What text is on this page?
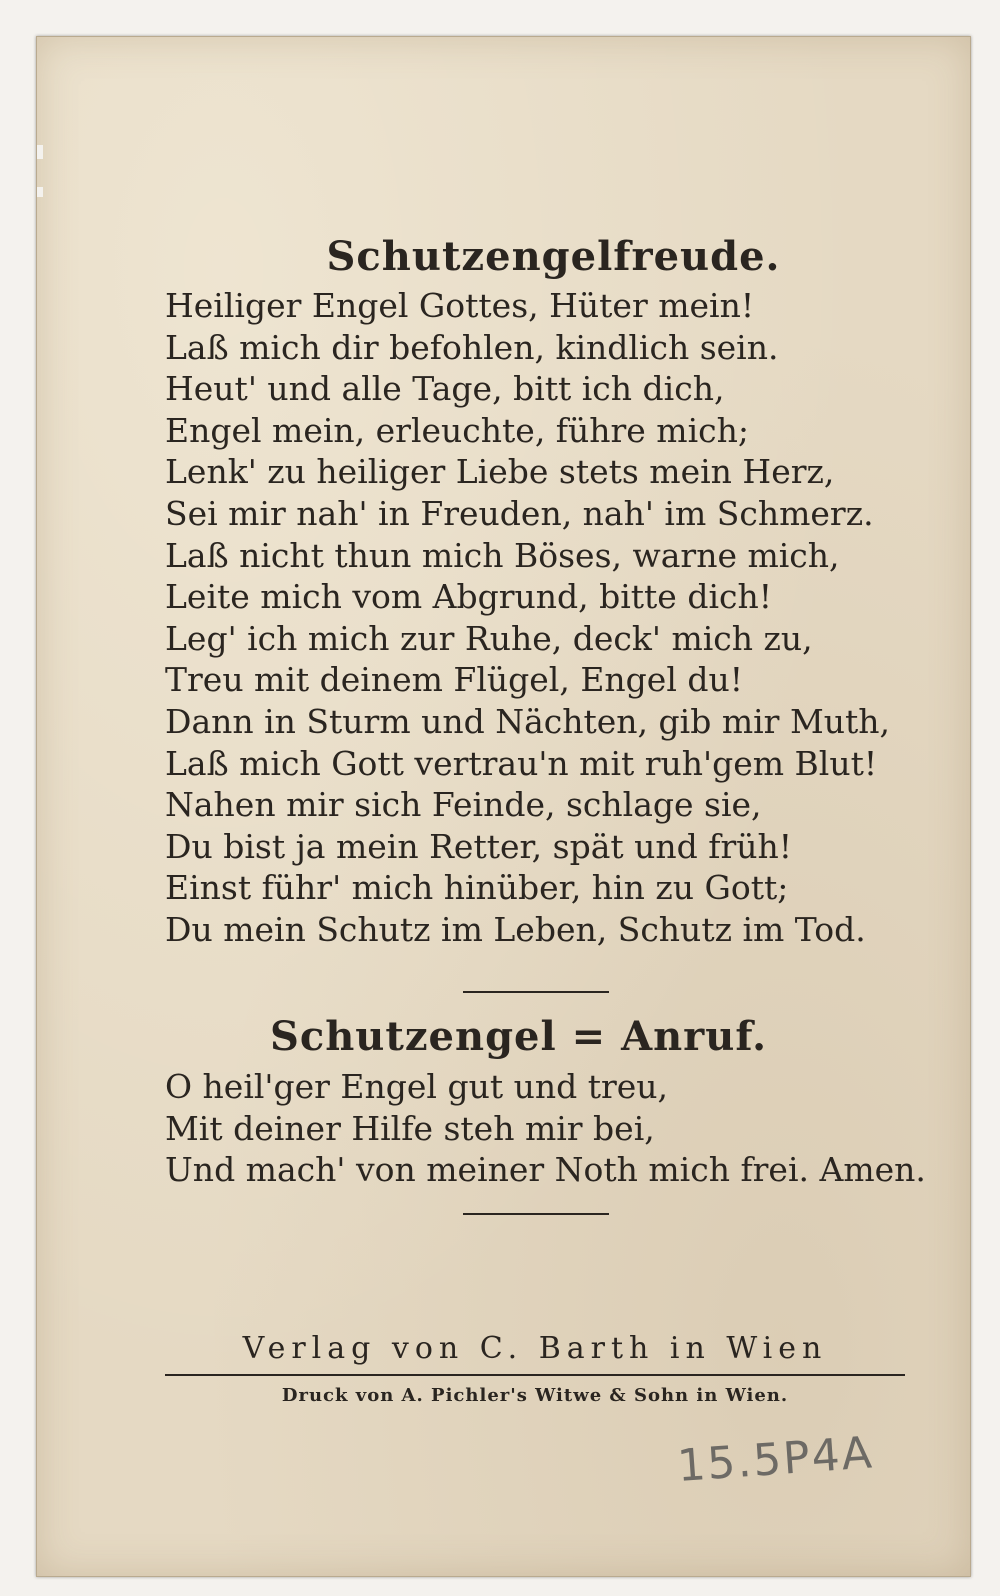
Schutzengelfreude.
Heiliger Engel Gottes, Hüter mein!
Laß mich dir befohlen, kindlich sein.
Heut' und alle Tage, bitt ich dich,
Engel mein, erleuchte, führe mich;
Lenk' zu heiliger Liebe stets mein Herz,
Sei mir nah' in Freuden, nah' im Schmerz.
Laß nicht thun mich Böses, warne mich,
Leite mich vom Abgrund, bitte dich!
Leg' ich mich zur Ruhe, deck' mich zu,
Treu mit deinem Flügel, Engel du!
Dann in Sturm und Nächten, gib mir Muth,
Laß mich Gott vertrau'n mit ruh'gem Blut!
Nahen mir sich Feinde, schlage sie,
Du bist ja mein Retter, spät und früh!
Einst führ' mich hinüber, hin zu Gott;
Du mein Schutz im Leben, Schutz im Tod.
Schutzengel = Anruf.
O heil'ger Engel gut und treu,
Mit deiner Hilfe steh mir bei,
Und mach' von meiner Noth mich frei. Amen.

Verlag von C. Barth in Wien

Druck von A. Pichler's Witwe & Sohn in Wien.

15.5P4A
